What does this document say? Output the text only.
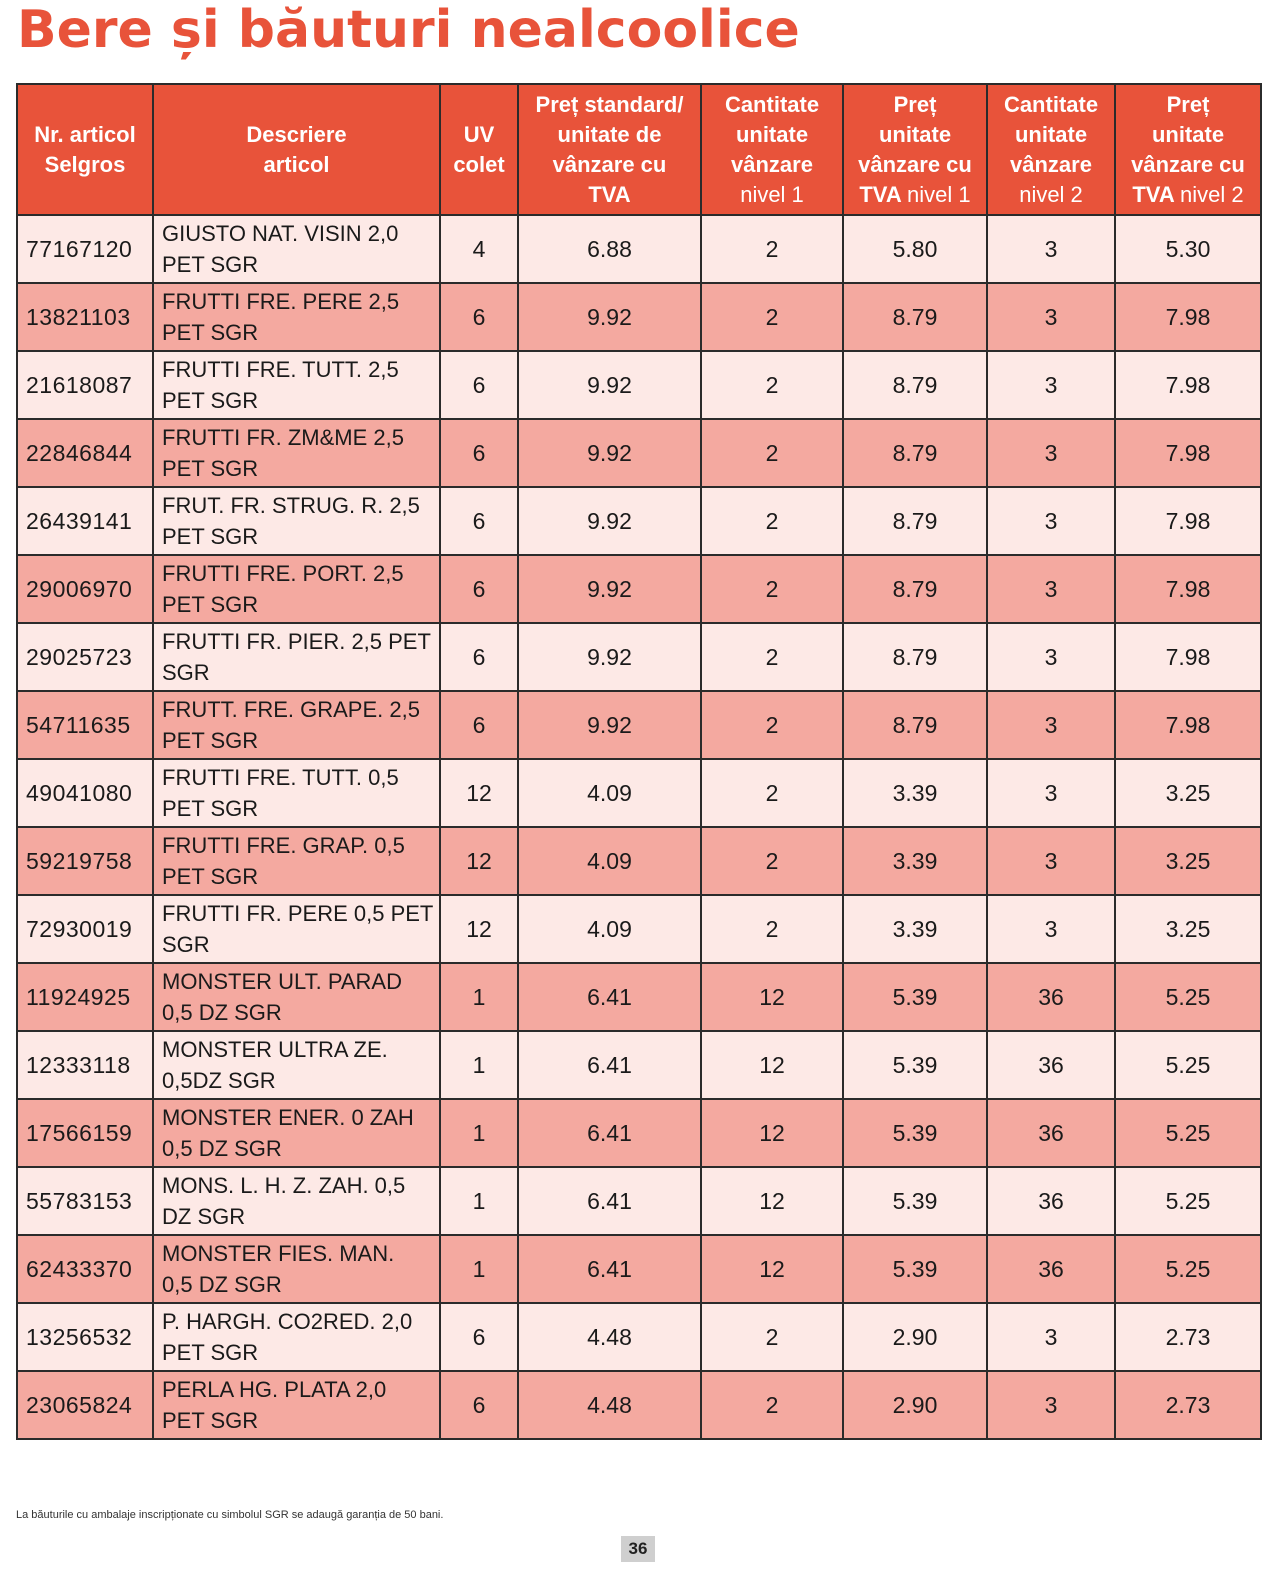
Bere și băuturi nealcoolice
Nr. articol
Selgros	Descriere
articol	UV
colet	Preț standard/
unitate de
vânzare cu
TVA	Cantitate
unitate
vânzare
nivel 1	Preț
unitate
vânzare cu
TVA nivel 1	Cantitate
unitate
vânzare
nivel 2	Preț
unitate
vânzare cu
TVA nivel 2
77167120	GIUSTO NAT. VISIN 2,0
PET SGR	4	6.88	2	5.80	3	5.30
13821103	FRUTTI FRE. PERE 2,5
PET SGR	6	9.92	2	8.79	3	7.98
21618087	FRUTTI FRE. TUTT. 2,5
PET SGR	6	9.92	2	8.79	3	7.98
22846844	FRUTTI FR. ZM&ME 2,5
PET SGR	6	9.92	2	8.79	3	7.98
26439141	FRUT. FR. STRUG. R. 2,5
PET SGR	6	9.92	2	8.79	3	7.98
29006970	FRUTTI FRE. PORT. 2,5
PET SGR	6	9.92	2	8.79	3	7.98
29025723	FRUTTI FR. PIER. 2,5 PET
SGR	6	9.92	2	8.79	3	7.98
54711635	FRUTT. FRE. GRAPE. 2,5
PET SGR	6	9.92	2	8.79	3	7.98
49041080	FRUTTI FRE. TUTT. 0,5
PET SGR	12	4.09	2	3.39	3	3.25
59219758	FRUTTI FRE. GRAP. 0,5
PET SGR	12	4.09	2	3.39	3	3.25
72930019	FRUTTI FR. PERE 0,5 PET
SGR	12	4.09	2	3.39	3	3.25
11924925	MONSTER ULT. PARAD
0,5 DZ SGR	1	6.41	12	5.39	36	5.25
12333118	MONSTER ULTRA ZE.
0,5DZ SGR	1	6.41	12	5.39	36	5.25
17566159	MONSTER ENER. 0 ZAH
0,5 DZ SGR	1	6.41	12	5.39	36	5.25
55783153	MONS. L. H. Z. ZAH. 0,5
DZ SGR	1	6.41	12	5.39	36	5.25
62433370	MONSTER FIES. MAN.
0,5 DZ SGR	1	6.41	12	5.39	36	5.25
13256532	P. HARGH. CO2RED. 2,0
PET SGR	6	4.48	2	2.90	3	2.73
23065824	PERLA HG. PLATA 2,0
PET SGR	6	4.48	2	2.90	3	2.73
La băuturile cu ambalaje inscripționate cu simbolul SGR se adaugă garanția de 50 bani.
36
